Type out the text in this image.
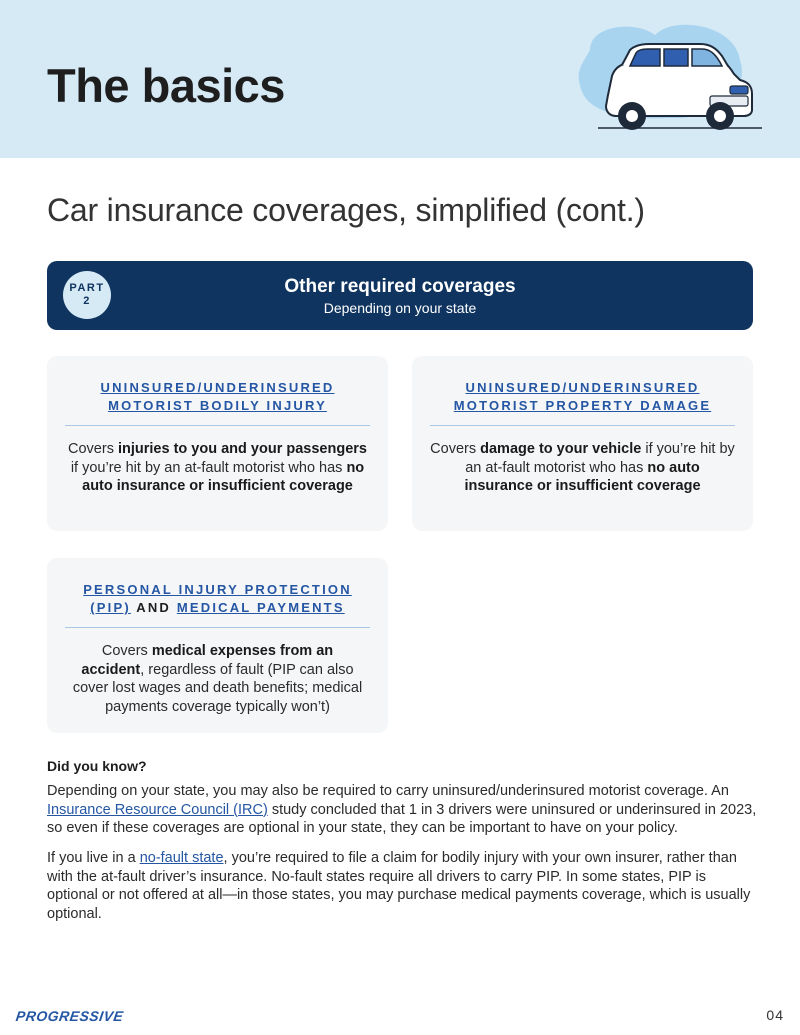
The basics
Car insurance coverages, simplified (cont.)
PART
2
Other required coverages
Depending on your state
UNINSURED/UNDERINSURED
MOTORIST BODILY INJURY
Covers injuries to you and your passengers if you’re hit by an at-fault motorist who has no auto insurance or insufficient coverage
UNINSURED/UNDERINSURED
MOTORIST PROPERTY DAMAGE
Covers damage to your vehicle if you’re hit by an at-fault motorist who has no auto insurance or insufficient coverage
PERSONAL INJURY PROTECTION
(PIP) AND MEDICAL PAYMENTS
Covers medical expenses from an accident, regardless of fault (PIP can also cover lost wages and death benefits; medical payments coverage typically won’t)
Did you know?

Depending on your state, you may also be required to carry uninsured/underinsured motorist coverage. An Insurance Resource Council (IRC) study concluded that 1 in 3 drivers were uninsured or underinsured in 2023, so even if these coverages are optional in your state, they can be important to have on your policy.

If you live in a no-fault state, you’re required to file a claim for bodily injury with your own insurer, rather than with the at-fault driver’s insurance. No-fault states require all drivers to carry PIP. In some states, PIP is optional or not offered at all—in those states, you may purchase medical payments coverage, which is usually optional.

PROGRESSIVE	04
